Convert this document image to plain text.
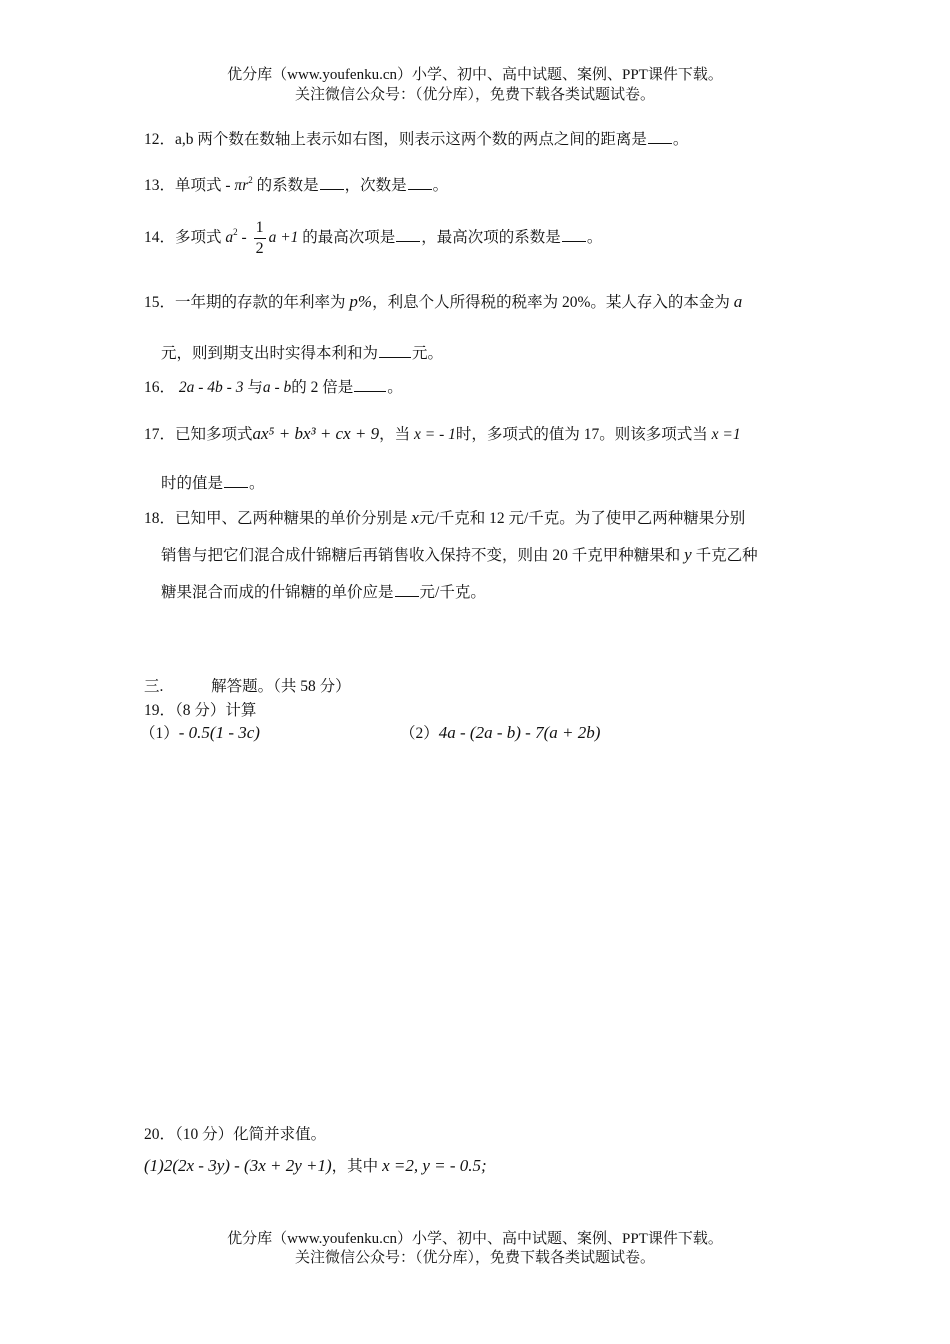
优分库（www.youfenku.cn）小学、初中、高中试题、案例、PPT课件下载。
关注微信公众号：（优分库），免费下载各类试题试卷。
12．a,b 两个数在数轴上表示如右图，则表示这两个数的两点之间的距离是 。
13．单项式 - $\pi r^2$ 的系数是 ，次数是 。
14．多项式 $a^2 - \frac{1}{2}$ a +1 的最高次项是 ，最高次项的系数是 。
15．一年期的存款的年利率为 p%，利息个人所得税的税率为 20%。某人存入的本金为 a
元，则到期支出时实得本利和为 元。
16． 2a - 4b - 3 与a - b的 2 倍是 。
17．已知多项式ax⁵ + bx³ + cx + 9，当 x = - 1时，多项式的值为 17。则该多项式当 x =1
时的值是 。
18．已知甲、乙两种糖果的单价分别是 x元/千克和 12 元/千克。为了使甲乙两种糖果分别
销售与把它们混合成什锦糖后再销售收入保持不变，则由 20 千克甲种糖果和 y 千克乙种
糖果混合而成的什锦糖的单价应是 元/千克。
三.	解答题。（共 58 分）
19．（8 分）计算
（1）- 0.5(1 - 3c)	（2）4a - (2a - b) - 7(a + 2b)
20．（10 分）化简并求值。
(1)2(2x - 3y) - (3x + 2y +1)，其中 x =2, y = - 0.5;
优分库（www.youfenku.cn）小学、初中、高中试题、案例、PPT课件下载。
关注微信公众号：（优分库），免费下载各类试题试卷。
